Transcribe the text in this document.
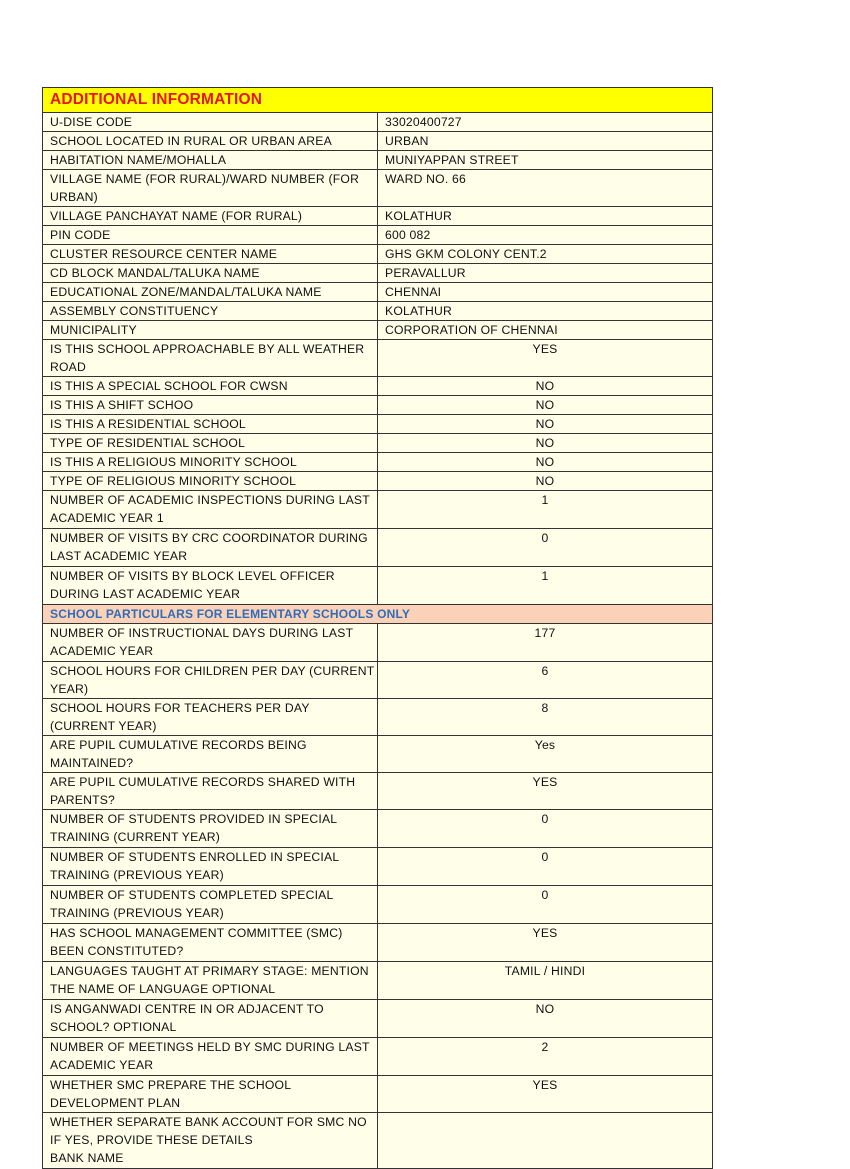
ADDITIONAL INFORMATION	
U-DISE CODE	33020400727
SCHOOL LOCATED IN RURAL OR URBAN AREA	URBAN
HABITATION NAME/MOHALLA	MUNIYAPPAN STREET
VILLAGE NAME (FOR RURAL)/WARD NUMBER (FOR URBAN)	WARD NO. 66
VILLAGE PANCHAYAT NAME (FOR RURAL)	KOLATHUR
PIN CODE	600 082
CLUSTER RESOURCE CENTER NAME	GHS GKM COLONY CENT.2
CD BLOCK MANDAL/TALUKA NAME	PERAVALLUR
EDUCATIONAL ZONE/MANDAL/TALUKA NAME	CHENNAI
ASSEMBLY CONSTITUENCY	KOLATHUR
MUNICIPALITY	CORPORATION OF CHENNAI
IS THIS SCHOOL APPROACHABLE BY ALL WEATHER ROAD	YES
IS THIS A SPECIAL SCHOOL FOR CWSN	NO
IS THIS A SHIFT SCHOO	NO
IS THIS A RESIDENTIAL SCHOOL	NO
TYPE OF RESIDENTIAL SCHOOL	NO
IS THIS A RELIGIOUS MINORITY SCHOOL	NO
TYPE OF RELIGIOUS MINORITY SCHOOL	NO
NUMBER OF ACADEMIC INSPECTIONS DURING LAST ACADEMIC YEAR 1	1
NUMBER OF VISITS BY CRC COORDINATOR DURING LAST ACADEMIC YEAR	0
NUMBER OF VISITS BY BLOCK LEVEL OFFICER DURING LAST ACADEMIC YEAR	1
SCHOOL PARTICULARS FOR ELEMENTARY SCHOOLS ONLY	
NUMBER OF INSTRUCTIONAL DAYS DURING LAST ACADEMIC YEAR	177
SCHOOL HOURS FOR CHILDREN PER DAY (CURRENT YEAR)	6
SCHOOL HOURS FOR TEACHERS PER DAY (CURRENT YEAR)	8
ARE PUPIL CUMULATIVE RECORDS BEING MAINTAINED?	Yes
ARE PUPIL CUMULATIVE RECORDS SHARED WITH PARENTS?	YES
NUMBER OF STUDENTS PROVIDED IN SPECIAL TRAINING (CURRENT YEAR)	0
NUMBER OF STUDENTS ENROLLED IN SPECIAL TRAINING (PREVIOUS YEAR)	0
NUMBER OF STUDENTS COMPLETED SPECIAL TRAINING (PREVIOUS YEAR)	0
HAS SCHOOL MANAGEMENT COMMITTEE (SMC) BEEN CONSTITUTED?	YES
LANGUAGES TAUGHT AT PRIMARY STAGE: MENTION THE NAME OF LANGUAGE OPTIONAL	TAMIL / HINDI
IS ANGANWADI CENTRE IN OR ADJACENT TO SCHOOL? OPTIONAL	NO
NUMBER OF MEETINGS HELD BY SMC DURING LAST ACADEMIC YEAR	2
WHETHER SMC PREPARE THE SCHOOL DEVELOPMENT PLAN	YES
WHETHER SEPARATE BANK ACCOUNT FOR SMC NO IF YES, PROVIDE THESE DETAILS
BANK NAME	
